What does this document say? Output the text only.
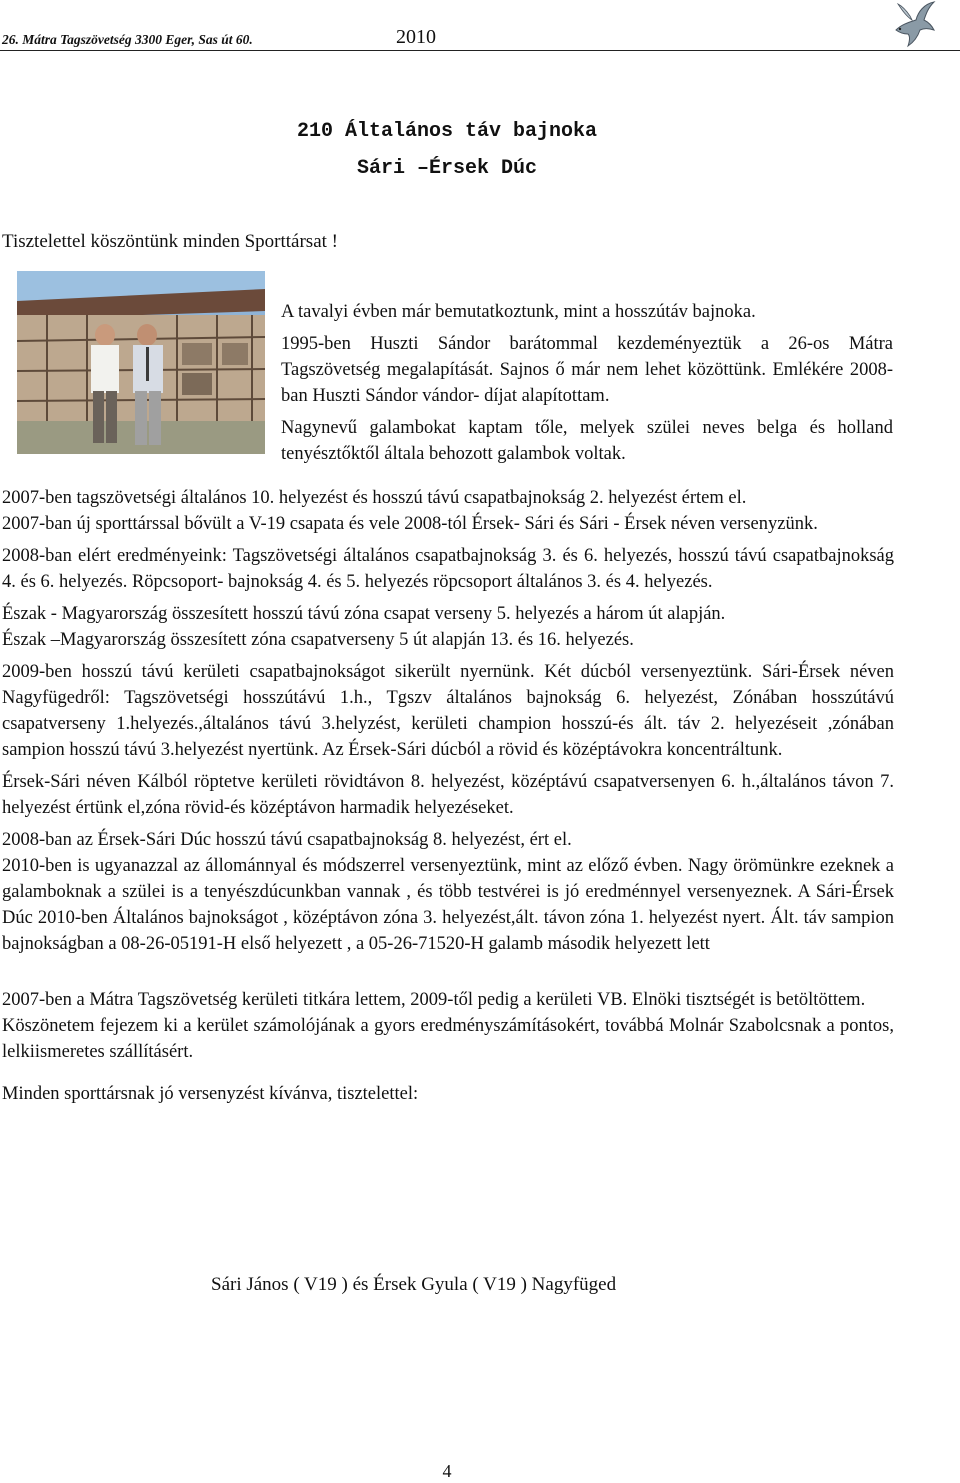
26. Mátra Tagszövetség 3300 Eger, Sas út 60.	2010
210 Általános táv bajnoka
Sári –Érsek Dúc
Tisztelettel köszöntünk minden Sporttársat !

A tavalyi évben már bemutatkoztunk, mint a hosszútáv bajnoka.

1995-ben Huszti Sándor barátommal kezdeményeztük a 26-os Mátra Tagszövetség megalapítását. Sajnos ő már nem lehet közöttünk. Emlékére 2008-ban Huszti Sándor vándor- díjat alapítottam.

Nagynevű galambokat kaptam tőle, melyek szülei neves belga és holland tenyésztőktől általa behozott galambok voltak.

2007-ben tagszövetségi általános 10. helyezést és hosszú távú csapatbajnokság 2. helyezést értem el.

2007-ban új sporttárssal bővült a V-19 csapata és vele 2008-tól Érsek- Sári és Sári - Érsek néven versenyzünk.

2008-ban elért eredményeink: Tagszövetségi általános csapatbajnokság 3. és 6. helyezés, hosszú távú csapatbajnokság 4. és 6. helyezés. Röpcsoport- bajnokság 4. és 5. helyezés röpcsoport általános 3. és 4. helyezés.

Észak - Magyarország összesített hosszú távú zóna csapat verseny 5. helyezés a három út alapján.

Észak –Magyarország összesített zóna csapatverseny 5 út alapján 13. és 16. helyezés.

2009-ben hosszú távú kerületi csapatbajnokságot sikerült nyernünk. Két dúcból versenyeztünk. Sári-Érsek néven Nagyfügedről: Tagszövetségi hosszútávú 1.h., Tgszv általános bajnokság 6. helyezést, Zónában hosszútávú csapatverseny 1.helyezés.,általános távú 3.helyzést, kerületi champion hosszú-és ált. táv 2. helyezéseit ,zónában sampion hosszú távú 3.helyezést nyertünk. Az Érsek-Sári dúcból a rövid és középtávokra koncentráltunk.

Érsek-Sári néven Kálból röptetve kerületi rövidtávon 8. helyezést, középtávú csapatversenyen 6. h.,általános távon 7. helyezést értünk el,zóna rövid-és középtávon harmadik helyezéseket.

2008-ban az Érsek-Sári Dúc hosszú távú csapatbajnokság 8. helyezést, ért el.

2010-ben is ugyanazzal az állománnyal és módszerrel versenyeztünk, mint az előző évben. Nagy örömünkre ezeknek a galamboknak a szülei is a tenyészdúcunkban vannak , és több testvérei is jó eredménnyel versenyeznek. A Sári-Érsek Dúc 2010-ben Általános bajnokságot , középtávon zóna 3. helyezést,ált. távon zóna 1. helyezést nyert. Ált. táv sampion bajnokságban a 08-26-05191-H első helyezett , a 05-26-71520-H galamb második helyezett lett

2007-ben a Mátra Tagszövetség kerületi titkára lettem, 2009-től pedig a kerületi VB. Elnöki tisztségét is betöltöttem.

Köszönetem fejezem ki a kerület számolójának a gyors eredményszámításokért, továbbá Molnár Szabolcsnak a pontos, lelkiismeretes szállításért.

Minden sporttársnak jó versenyzést kívánva, tisztelettel:

Sári János ( V19 ) és Érsek Gyula ( V19 ) Nagyfüged
4
